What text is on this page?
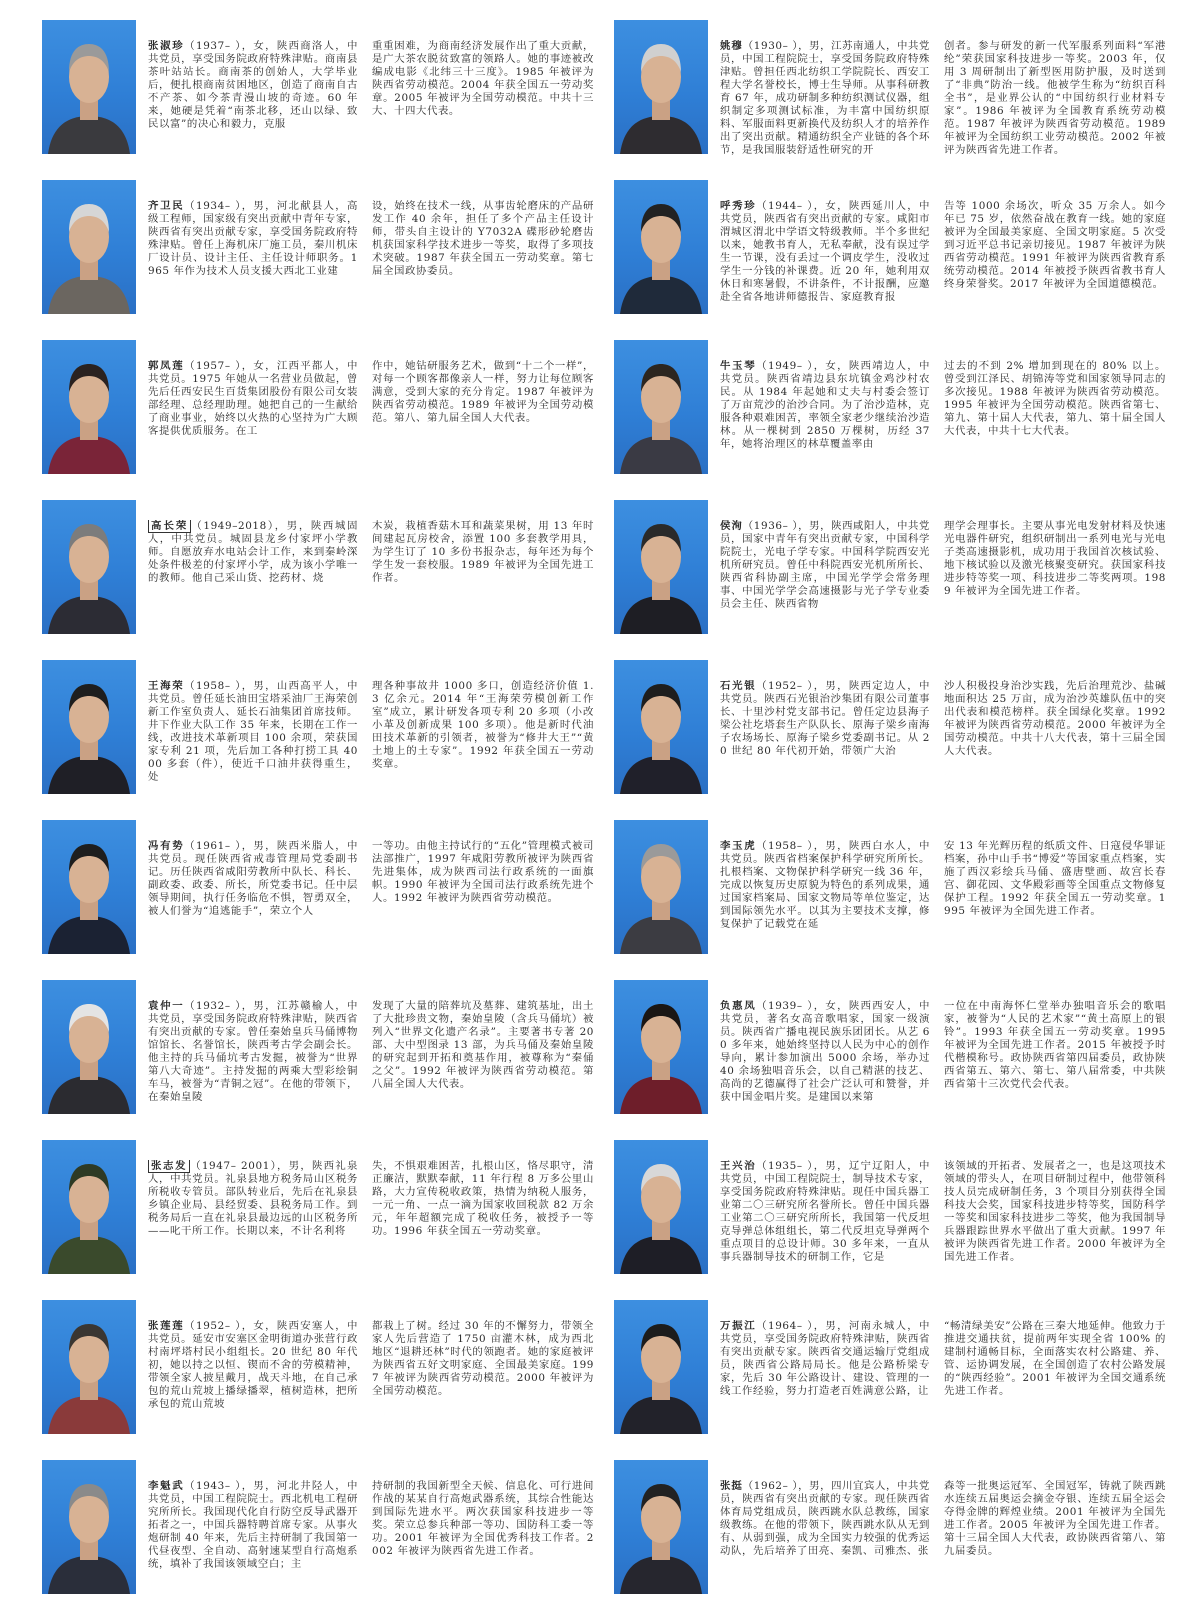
张淑珍（1937– ），女，陕西商洛人，中共党员，享受国务院政府特殊津贴。商南县茶叶站站长。商南茶的创始人，大学毕业后，便扎根商南贫困地区，创造了商南自古不产茶、如今茶青漫山坡的奇迹。60 年来，她硬是凭着“南茶北移，还山以绿、致民以富”的决心和毅力，克服
重重困难，为商南经济发展作出了重大贡献，是广大茶农脱贫致富的领路人。她的事迹被改编成电影《北纬三十三度》。1985 年被评为陕西省劳动模范。2004 年获全国五一劳动奖章。2005 年被评为全国劳动模范。中共十三大、十四大代表。
齐卫民（1934– ），男，河北献县人，高级工程师，国家级有突出贡献中青年专家，陕西省有突出贡献专家，享受国务院政府特殊津贴。曾任上海机床厂施工员，秦川机床厂设计员、设计主任、主任设计师职务。1965 年作为技术人员支援大西北工业建
设，始终在技术一线，从事齿轮磨床的产品研发工作 40 余年，担任了多个产品主任设计师，带头自主设计的 Y7032A 碟形砂轮磨齿机获国家科学技术进步一等奖，取得了多项技术突破。1987 年获全国五一劳动奖章。第七届全国政协委员。
郭凤莲（1957– ），女，江西平都人，中共党员。1975 年她从一名营业员做起，曾先后任西安民生百货集团股份有限公司女装部经理、总经理助理。她把自己的一生献给了商业事业，始终以火热的心坚持为广大顾客提供优质服务。在工
作中，她钻研服务艺术，做到“十二个一样”，对每一个顾客都像亲人一样，努力让每位顾客满意，受到大家的充分肯定。1987 年被评为陕西省劳动模范。1989 年被评为全国劳动模范。第八、第九届全国人大代表。
高长荣 （1949–2018），男，陕西城固人，中共党员。城固县龙乡付家坪小学教师。自愿放弃水电站会计工作，来到秦岭深处条件极差的付家坪小学，成为该小学唯一的教师。他自己采山货、挖药材、烧
木炭，栽植香菇木耳和蔬菜果树，用 13 年时间建起瓦房校舍，添置 100 多套教学用具，为学生订了 10 多份书报杂志，每年还为每个学生发一套校服。1989 年被评为全国先进工作者。
王海荣（1958– ），男，山西高平人，中共党员。曾任延长油田宝塔采油厂王海荣创新工作室负责人、延长石油集团首席技师。井下作业大队工作 35 年来，长期在工作一线，改进技术革新项目 100 余项，荣获国家专利 21 项，先后加工各种打捞工具 4000 多套（件），使近千口油井获得重生，处
理各种事故井 1000 多口，创造经济价值 1.3 亿余元。2014 年“王海荣劳模创新工作室”成立，累计研发各项专利 20 多项（小改小革及创新成果 100 多项）。他是新时代油田技术革新的引领者，被誉为“修井大王”“黄土地上的土专家”。1992 年获全国五一劳动奖章。
冯有势（1961– ），男，陕西米脂人，中共党员。现任陕西省戒毒管理局党委副书记。历任陕西省咸阳劳教所中队长、科长、副政委、政委、所长，所党委书记。任中层领导期间，执行任务临危不惧，智勇双全，被人们誉为“追逃能手”，荣立个人
一等功。由他主持试行的“五化”管理模式被司法部推广，1997 年咸阳劳教所被评为陕西省先进集体，成为陕西司法行政系统的一面旗帜。1990 年被评为全国司法行政系统先进个人。1992 年被评为陕西省劳动模范。
袁仲一（1932– ），男，江苏赣榆人，中共党员，享受国务院政府特殊津贴，陕西省有突出贡献的专家。曾任秦始皇兵马俑博物馆馆长、名誉馆长，陕西考古学会副会长。他主持的兵马俑坑考古发掘，被誉为“世界第八大奇迹”。主持发掘的两乘大型彩绘铜车马，被誉为“青铜之冠”。在他的带领下，在秦始皇陵
发现了大量的陪葬坑及墓葬、建筑基址，出土了大批珍贵文物，秦始皇陵（含兵马俑坑）被列入“世界文化遗产名录”。主要著书专著 20 部、大中型图录 13 部，为兵马俑及秦始皇陵的研究起到开拓和奠基作用，被尊称为“秦俑之父”。1992 年被评为陕西省劳动模范。第八届全国人大代表。
张志发 （1947– 2001），男，陕西礼泉人，中共党员。礼泉县地方税务局山区税务所税收专管员。部队转业后，先后在礼泉县乡镇企业局、县经贸委、县税务局工作。到税务局后一直在礼泉县最边远的山区税务所——叱干所工作。长期以来，不计名利将
失，不惧艰难困苦，扎根山区，恪尽职守，清正廉洁，默默奉献，11 年行程 8 万多公里山路，大力宣传税收政策，热情为纳税人服务，一元一角、一点一滴为国家收回税款 82 万余元，年年超额完成了税收任务，被授予一等功。1996 年获全国五一劳动奖章。
张莲莲（1952– ），女，陕西安塞人，中共党员。延安市安塞区金明街道办张营行政村南坪塔村民小组组长。20 世纪 80 年代初，她以持之以恒、锲而不舍的劳模精神，带领全家人披星戴月，战天斗地，在自己承包的荒山荒坡上播绿播翠，植树造林，把所承包的荒山荒坡
都栽上了树。经过 30 年的不懈努力，带领全家人先后营造了 1750 亩灌木林，成为西北地区“退耕还林”时代的领跑者。她的家庭被评为陕西省五好文明家庭、全国最美家庭。1997 年被评为陕西省劳动模范。2000 年被评为全国劳动模范。
李魁武（1943– ），男，河北井陉人，中共党员，中国工程院院士。西北机电工程研究所所长。我国现代化自行防空反导武器开拓者之一，中国兵器特聘首席专家。从事火炮研制 40 年来，先后主持研制了我国第一代昼夜型、全自动、高射速某型自行高炮系统，填补了我国该领域空白；主
持研制的我国新型全天候、信息化、可行进间作战的某某自行高炮武器系统，其综合性能达到国际先进水平。两次获国家科技进步一等奖。荣立总参兵种部一等功、国防科工委一等功。2001 年被评为全国优秀科技工作者。2002 年被评为陕西省先进工作者。
姚穆（1930– ），男，江苏南通人，中共党员，中国工程院院士，享受国务院政府特殊津贴。曾担任西北纺织工学院院长、西安工程大学名誉校长，博士生导师。从事科研教育 67 年，成功研制多种纺织测试仪器，组织制定多项测试标准，为丰富中国纺织原料、军服面料更新换代及纺织人才的培养作出了突出贡献。精通纺织全产业链的各个环节，是我国服装舒适性研究的开
创者。参与研发的新一代军服系列面料“军港纶”荣获国家科技进步一等奖。2003 年，仅用 3 周研制出了新型医用防护服，及时送到了“非典”防治一线。他被学生称为“纺织百科全书”，是业界公认的“中国纺织行业材料专家”。1986 年被评为全国教育系统劳动模范。1987 年被评为陕西省劳动模范。1989 年被评为全国纺织工业劳动模范。2002 年被评为陕西省先进工作者。
呼秀珍（1944– ），女，陕西延川人，中共党员，陕西省有突出贡献的专家。咸阳市渭城区渭北中学语文特级教师。半个多世纪以来，她教书育人，无私奉献，没有误过学生一节课，没有丢过一个调皮学生，没收过学生一分钱的补课费。近 20 年，她利用双休日和寒暑假，不讲条件，不计报酬，应邀赴全省各地讲师德报告、家庭教育报
告等 1000 余场次，听众 35 万余人。如今年已 75 岁，依然奋战在教育一线。她的家庭被评为全国最美家庭、全国文明家庭。5 次受到习近平总书记亲切接见。1987 年被评为陕西省劳动模范。1991 年被评为陕西省教育系统劳动模范。2014 年被授予陕西省教书育人终身荣誉奖。2017 年被评为全国道德模范。
牛玉琴（1949– ），女，陕西靖边人，中共党员。陕西省靖边县东坑镇金鸡沙村农民。从 1984 年起她和丈夫与村委会签订了万亩荒沙的治沙合同。为了治沙造林，克服各种艰难困苦，率领全家老少继续治沙造林。从一棵树到 2850 万棵树，历经 37 年，她将治理区的林草覆盖率由
过去的不到 2% 增加到现在的 80% 以上。曾受到江泽民、胡锦涛等党和国家领导同志的多次接见。1988 年被评为陕西省劳动模范。1995 年被评为全国劳动模范。陕西省第七、第九、第十届人大代表，第九、第十届全国人大代表，中共十七大代表。
侯洵（1936– ），男，陕西咸阳人，中共党员，国家中青年有突出贡献专家，中国科学院院士，光电子学专家。中国科学院西安光机所研究员。曾任中科院西安光机所所长、陕西省科协副主席，中国光学学会常务理事、中国光学学会高速摄影与光子学专业委员会主任、陕西省物
理学会理事长。主要从事光电发射材料及快速光电器件研究，组织研制出一系列电光与光电子类高速摄影机，成功用于我国首次核试验、地下核试验以及激光核聚变研究。获国家科技进步特等奖一项、科技进步二等奖两项。1989 年被评为全国先进工作者。
石光银（1952– ），男，陕西定边人，中共党员。陕西石光银治沙集团有限公司董事长、十里沙村党支部书记。曾任定边县海子梁公社圪塔套生产队队长、原海子梁乡南海子农场场长、原海子梁乡党委副书记。从 20 世纪 80 年代初开始，带领广大治
沙人积极投身治沙实践，先后治理荒沙、盐碱地面积达 25 万亩，成为治沙英雄队伍中的突出代表和模范榜样。获全国绿化奖章。1992 年被评为陕西省劳动模范。2000 年被评为全国劳动模范。中共十八大代表，第十三届全国人大代表。
李玉虎（1958– ），男，陕西白水人，中共党员。陕西省档案保护科学研究所所长。扎根档案、文物保护科学研究一线 36 年，完成以恢复历史原貌为特色的系列成果，通过国家档案局、国家文物局等单位鉴定，达到国际领先水平。以其为主要技术支撑，修复保护了记载党在延
安 13 年光辉历程的纸质文件、日寇侵华罪证档案，孙中山手书“博爱”等国家重点档案，实施了西汉彩绘兵马俑、盛唐壁画、故宫长春宫、御花园、文华殿彩画等全国重点文物修复保护工程。1992 年获全国五一劳动奖章。1995 年被评为全国先进工作者。
负惠凤（1939– ），女，陕西西安人，中共党员，著名女高音歌唱家，国家一级演员。陕西省广播电视民族乐团团长。从艺 60 多年来，她始终坚持以人民为中心的创作导向，累计参加演出 5000 余场，举办过 40 余场独唱音乐会，以自己精湛的技艺、高尚的艺德赢得了社会广泛认可和赞誉，并获中国金唱片奖。是建国以来第
一位在中南海怀仁堂举办独唱音乐会的歌唱家，被誉为“人民的艺术家”“黄土高原上的银铃”。1993 年获全国五一劳动奖章。1995 年被评为全国先进工作者。2015 年被授予时代楷模称号。政协陕西省第四届委员，政协陕西省第五、第六、第七、第八届常委，中共陕西省第十三次党代会代表。
王兴治（1935– ），男，辽宁辽阳人，中共党员，中国工程院院士，制导技术专家，享受国务院政府特殊津贴。现任中国兵器工业第二〇三研究所名誉所长。曾任中国兵器工业第二〇三研究所所长，我国第一代反坦克导弹总体组组长，第二代反坦克导弹两个重点项目的总设计师。30 多年来，一直从事兵器制导技术的研制工作，它是
该领域的开拓者、发展者之一，也是这项技术领域的带头人，在项目研制过程中，他带领科技人员完成研制任务，3 个项目分别获得全国科技大会奖，国家科技进步特等奖，国防科学一等奖和国家科技进步二等奖，他为我国制导兵器跟踪世界水平做出了重大贡献。1997 年被评为陕西省先进工作者。2000 年被评为全国先进工作者。
万振江（1964– ），男，河南永城人，中共党员，享受国务院政府特殊津贴，陕西省有突出贡献专家。陕西省交通运输厅党组成员，陕西省公路局局长。他是公路桥梁专家，先后 30 年公路设计、建设、管理的一线工作经验，努力打造老百姓满意公路，让
“畅清绿美安”公路在三秦大地延伸。他致力于推进交通扶贫，提前两年实现全省 100% 的建制村通畅目标，全面落实农村公路建、养、管、运协调发展，在全国创造了农村公路发展的“陕西经验”。2001 年被评为全国交通系统先进工作者。
张挺（1962– ），男，四川宜宾人，中共党员，陕西省有突出贡献的专家。现任陕西省体育局党组成员，陕西跳水队总教练，国家级教练。在他的带领下，陕西跳水队从无到有、从弱到强，成为全国实力较强的优秀运动队，先后培养了田亮、秦凯、司雅杰、张
森等一批奥运冠军、全国冠军，铸就了陕西跳水连续五届奥运会摘金夺银、连续五届全运会夺得金牌的辉煌业绩。2001 年被评为全国先进工作者。2005 年被评为全国先进工作者。第十三届全国人大代表，政协陕西省第八、第九届委员。
